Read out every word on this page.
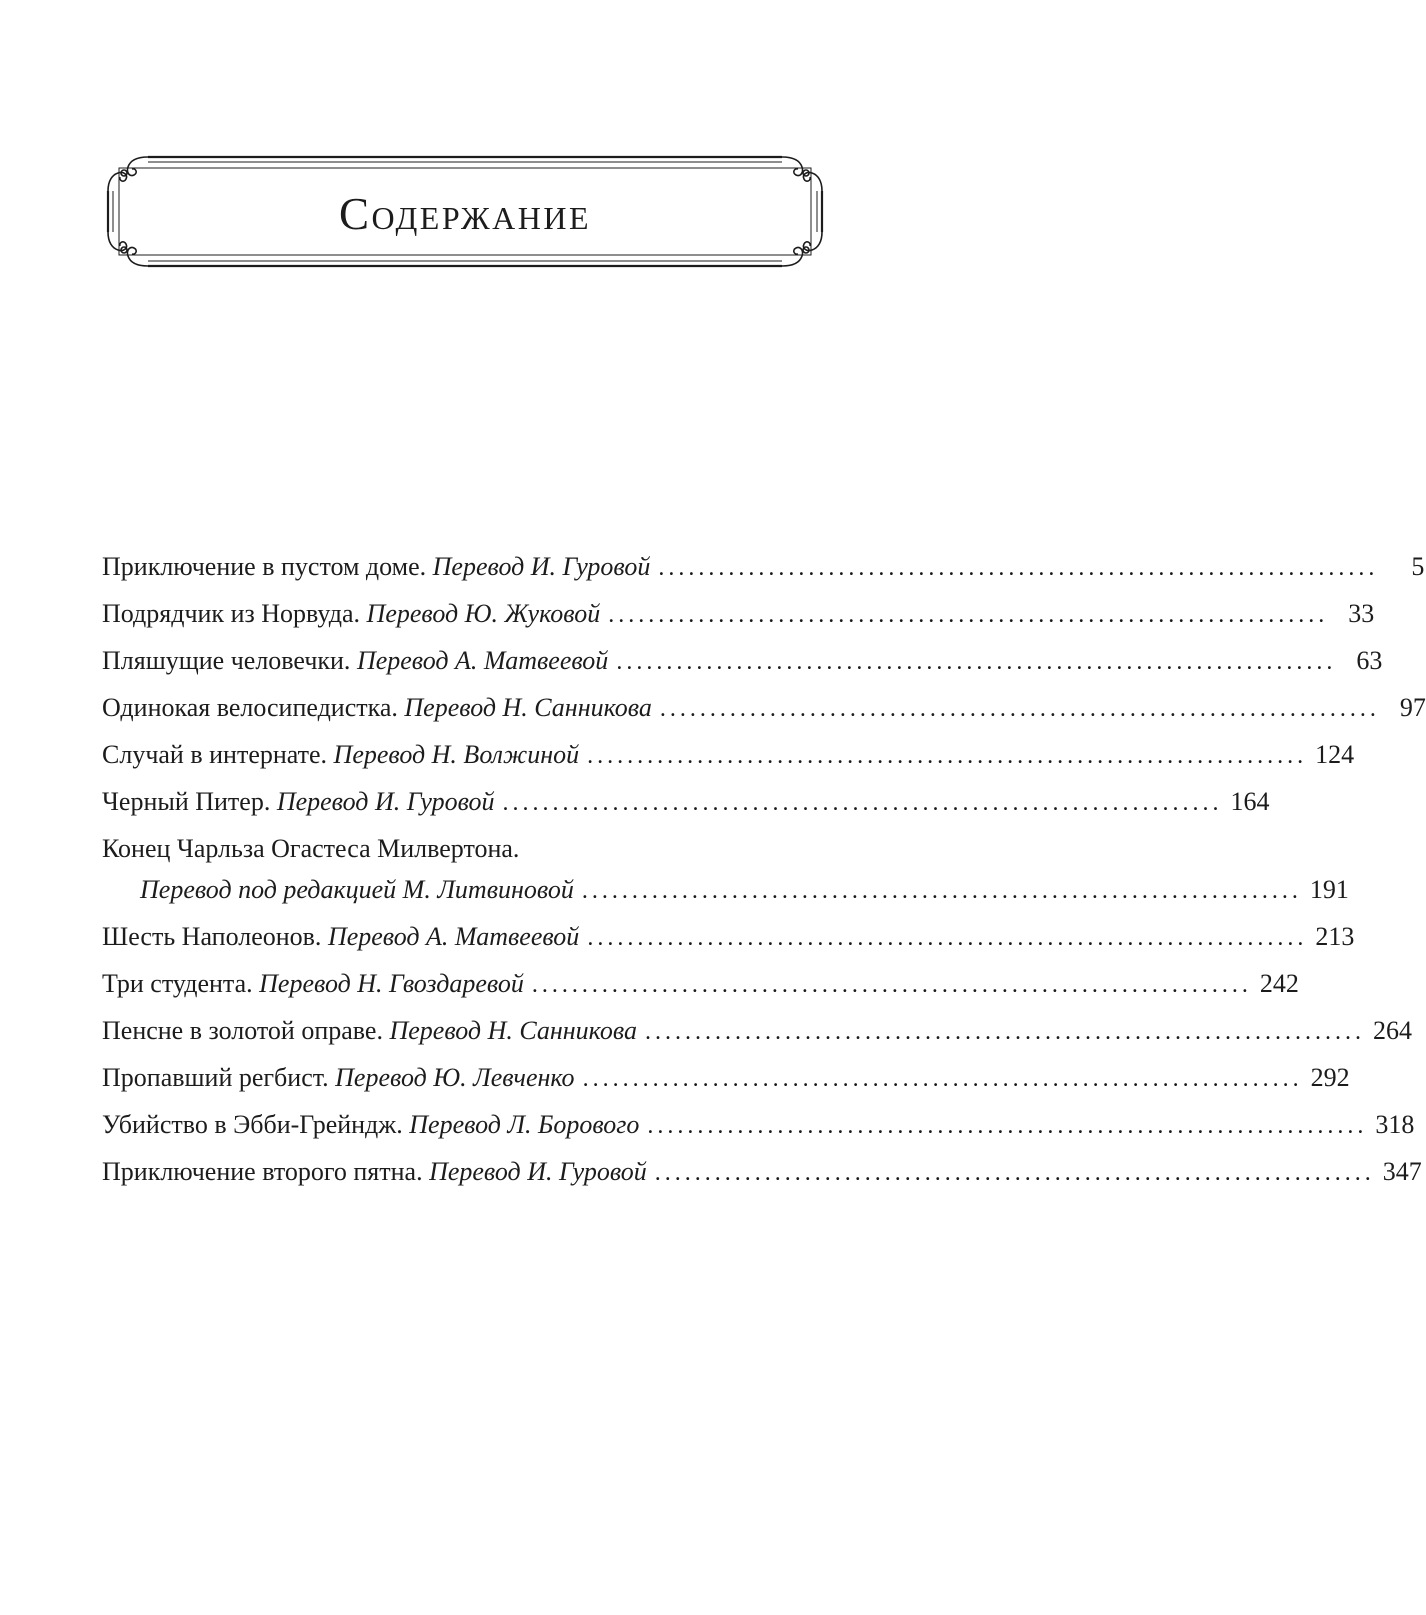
Содержание
Приключение в пустом доме.
Перевод И. Гуровой ........................................................................	5
Подрядчик из Норвуда.
Перевод Ю. Жуковой ........................................................................ 33
Пляшущие человечки.
Перевод А. Матвеевой ........................................................................ 63
Одинокая велосипедистка.
Перевод Н. Санникова ........................................................................ 97
Случай в интернате.
Перевод Н. Волжиной ........................................................................ 124
Черный Питер.
Перевод И. Гуровой ........................................................................ 164
Конец Чарльза Огастеса Милвертона.
Перевод под редакцией М. Литвиновой ........................................................................ 191
Шесть Наполеонов.
Перевод А. Матвеевой ........................................................................ 213
Три студента.
Перевод Н. Гвоздаревой ........................................................................ 242
Пенсне в золотой оправе.
Перевод Н. Санникова ........................................................................ 264
Пропавший регбист.
Перевод Ю. Левченко ........................................................................ 292
Убийство в Эбби-Грейндж.
Перевод Л. Борового ........................................................................ 318
Приключение второго пятна.
Перевод И. Гуровой ........................................................................ 347
